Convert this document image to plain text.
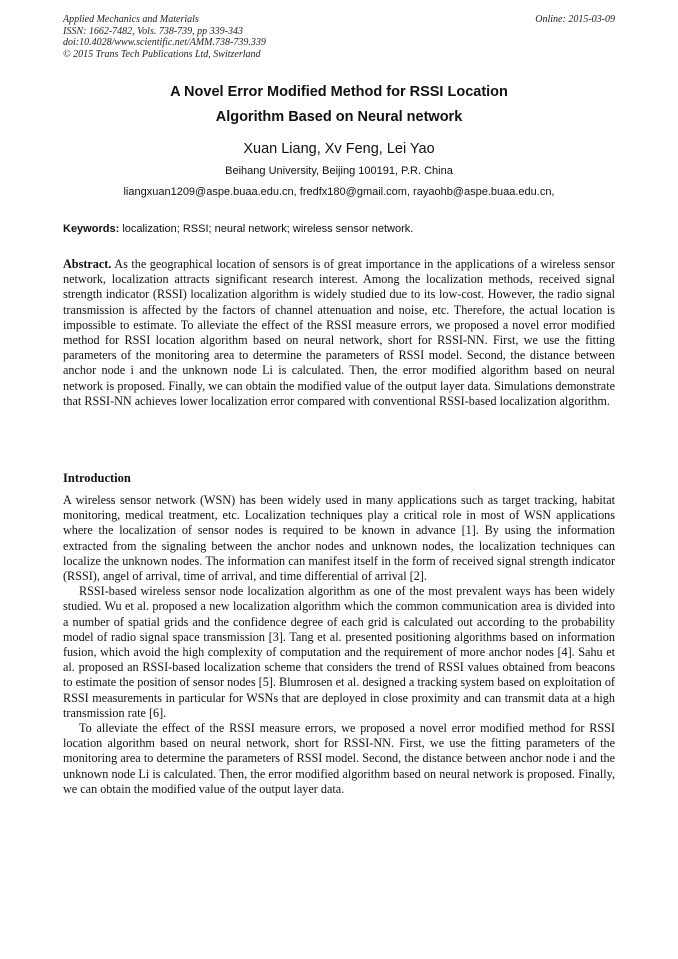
Applied Mechanics and Materials
ISSN: 1662-7482, Vols. 738-739, pp 339-343
doi:10.4028/www.scientific.net/AMM.738-739.339
© 2015 Trans Tech Publications Ltd, Switzerland
Online: 2015-03-09
A Novel Error Modified Method for RSSI Location
Algorithm Based on Neural network
Xuan Liang, Xv Feng, Lei Yao
Beihang University, Beijing 100191, P.R. China
liangxuan1209@aspe.buaa.edu.cn, fredfx180@gmail.com, rayaohb@aspe.buaa.edu.cn,
Keywords: localization; RSSI; neural network; wireless sensor network.

Abstract. As the geographical location of sensors is of great importance in the applications of a wireless sensor network, localization attracts significant research interest. Among the localization methods, received signal strength indicator (RSSI) localization algorithm is widely studied due to its low-cost. However, the radio signal transmission is affected by the factors of channel attenuation and noise, etc. Therefore, the actual location is impossible to estimate. To alleviate the effect of the RSSI measure errors, we proposed a novel error modified method for RSSI location algorithm based on neural network, short for RSSI-NN. First, we use the fitting parameters of the monitoring area to determine the parameters of RSSI model. Second, the distance between anchor node i and the unknown node Li is calculated. Then, the error modified algorithm based on neural network is proposed. Finally, we can obtain the modified value of the output layer data. Simulations demonstrate that RSSI-NN achieves lower localization error compared with conventional RSSI-based localization algorithm.

Introduction

A wireless sensor network (WSN) has been widely used in many applications such as target tracking, habitat monitoring, medical treatment, etc. Localization techniques play a critical role in most of WSN applications where the localization of sensor nodes is required to be known in advance [1]. By using the information extracted from the signaling between the anchor nodes and unknown nodes, the localization techniques can localize the unknown nodes. The information can manifest itself in the form of received signal strength indicator (RSSI), angel of arrival, time of arrival, and time differential of arrival [2].

RSSI-based wireless sensor node localization algorithm as one of the most prevalent ways has been widely studied. Wu et al. proposed a new localization algorithm which the common communication area is divided into a number of spatial grids and the confidence degree of each grid is calculated out according to the probability model of radio signal space transmission [3]. Tang et al. presented positioning algorithms based on information fusion, which avoid the high complexity of computation and the requirement of more anchor nodes [4]. Sahu et al. proposed an RSSI-based localization scheme that considers the trend of RSSI values obtained from beacons to estimate the position of sensor nodes [5]. Blumrosen et al. designed a tracking system based on exploitation of RSSI measurements in particular for WSNs that are deployed in close proximity and can transmit data at a high transmission rate [6].

To alleviate the effect of the RSSI measure errors, we proposed a novel error modified method for RSSI location algorithm based on neural network, short for RSSI-NN. First, we use the fitting parameters of the monitoring area to determine the parameters of RSSI model. Second, the distance between anchor node i and the unknown node Li is calculated. Then, the error modified algorithm based on neural network is proposed. Finally, we can obtain the modified value of the output layer data.
